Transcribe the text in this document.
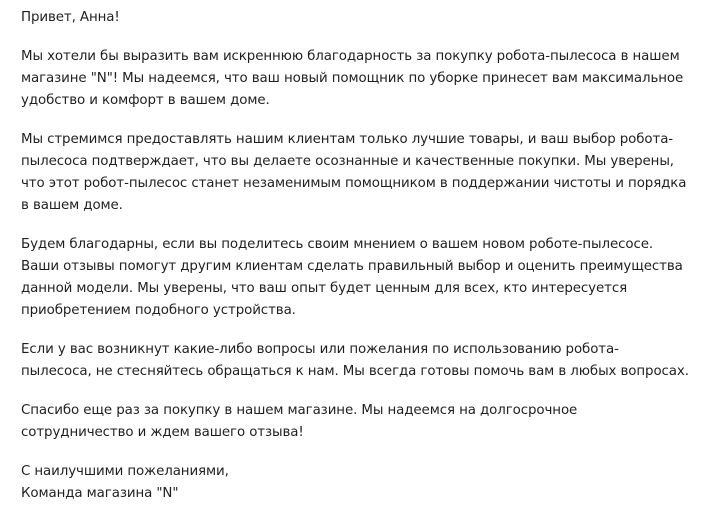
Привет, Анна!

Мы хотели бы выразить вам искреннюю благодарность за покупку робота-пылесоса в нашем
магазине "N"! Мы надеемся, что ваш новый помощник по уборке принесет вам максимальное
удобство и комфорт в вашем доме.

Мы стремимся предоставлять нашим клиентам только лучшие товары, и ваш выбор робота-
пылесоса подтверждает, что вы делаете осознанные и качественные покупки. Мы уверены,
что этот робот-пылесос станет незаменимым помощником в поддержании чистоты и порядка
в вашем доме.

Будем благодарны, если вы поделитесь своим мнением о вашем новом роботе-пылесосе.
Ваши отзывы помогут другим клиентам сделать правильный выбор и оценить преимущества
данной модели. Мы уверены, что ваш опыт будет ценным для всех, кто интересуется
приобретением подобного устройства.

Если у вас возникнут какие-либо вопросы или пожелания по использованию робота-
пылесоса, не стесняйтесь обращаться к нам. Мы всегда готовы помочь вам в любых вопросах.

Спасибо еще раз за покупку в нашем магазине. Мы надеемся на долгосрочное
сотрудничество и ждем вашего отзыва!

С наилучшими пожеланиями,
Команда магазина "N"
